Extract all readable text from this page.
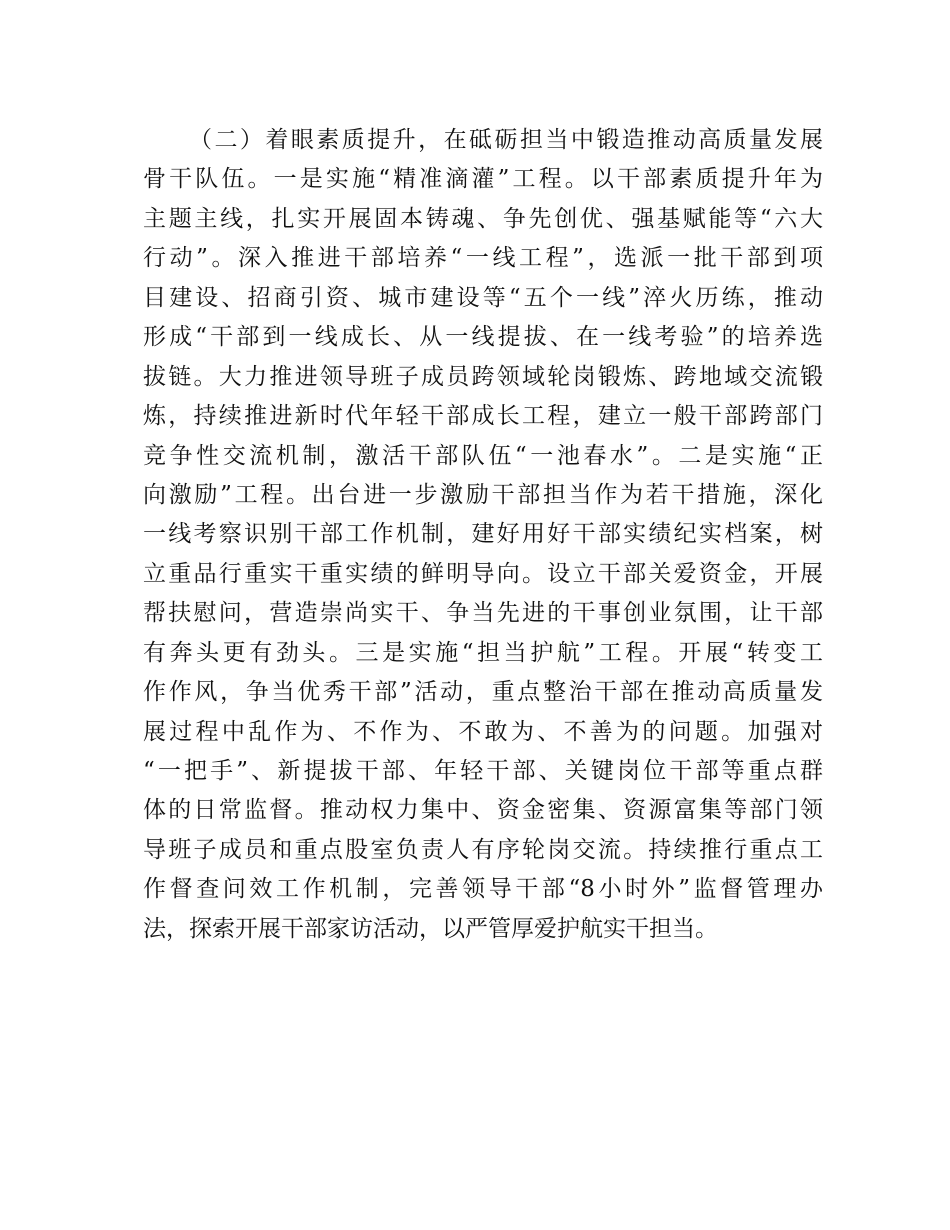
（二）着眼素质提升，在砥砺担当中锻造推动高质量发展
骨干队伍。一是实施“精准滴灌”工程。以干部素质提升年为
主题主线，扎实开展固本铸魂、争先创优、强基赋能等“六大
行动”。深入推进干部培养“一线工程”，选派一批干部到项
目建设、招商引资、城市建设等“五个一线”淬火历练，推动
形成“干部到一线成长、从一线提拔、在一线考验”的培养选
拔链。大力推进领导班子成员跨领域轮岗锻炼、跨地域交流锻
炼，持续推进新时代年轻干部成长工程，建立一般干部跨部门
竞争性交流机制，激活干部队伍“一池春水”。二是实施“正
向激励”工程。出台进一步激励干部担当作为若干措施，深化
一线考察识别干部工作机制，建好用好干部实绩纪实档案，树
立重品行重实干重实绩的鲜明导向。设立干部关爱资金，开展
帮扶慰问，营造崇尚实干、争当先进的干事创业氛围，让干部
有奔头更有劲头。三是实施“担当护航”工程。开展“转变工
作作风，争当优秀干部”活动，重点整治干部在推动高质量发
展过程中乱作为、不作为、不敢为、不善为的问题。加强对
“一把手”、新提拔干部、年轻干部、关键岗位干部等重点群
体的日常监督。推动权力集中、资金密集、资源富集等部门领
导班子成员和重点股室负责人有序轮岗交流。持续推行重点工
作督查问效工作机制，完善领导干部“8小时外”监督管理办
法，探索开展干部家访活动，以严管厚爱护航实干担当。
